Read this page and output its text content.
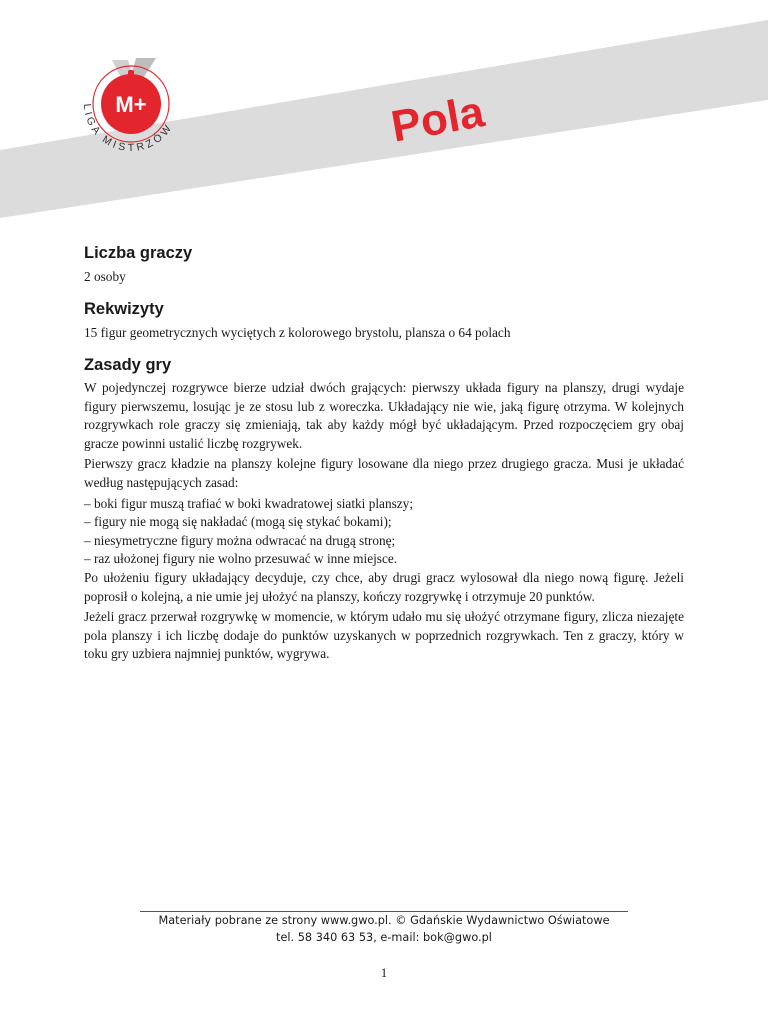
Pola
M+
LIGA MISTRZÓW
Liczba graczy
2 osoby
Rekwizyty
15 figur geometrycznych wyciętych z kolorowego brystolu, plansza o 64 polach
Zasady gry

W pojedynczej rozgrywce bierze udział dwóch grających: pierwszy układa figury na planszy, drugi wydaje figury pierwszemu, losując je ze stosu lub z woreczka. Układający nie wie, jaką figurę otrzyma. W kolejnych rozgrywkach role graczy się zmieniają, tak aby każdy mógł być układającym. Przed rozpoczęciem gry obaj gracze powinni ustalić liczbę rozgrywek.

Pierwszy gracz kładzie na planszy kolejne figury losowane dla niego przez drugiego gracza. Musi je układać według następujących zasad:

– boki figur muszą trafiać w boki kwadratowej siatki planszy;
– figury nie mogą się nakładać (mogą się stykać bokami);
– niesymetryczne figury można odwracać na drugą stronę;
– raz ułożonej figury nie wolno przesuwać w inne miejsce.

Po ułożeniu figury układający decyduje, czy chce, aby drugi gracz wylosował dla niego nową figurę. Jeżeli poprosił o kolejną, a nie umie jej ułożyć na planszy, kończy rozgrywkę i otrzymuje 20 punktów.

Jeżeli gracz przerwał rozgrywkę w momencie, w którym udało mu się ułożyć otrzymane figury, zlicza niezajęte pola planszy i ich liczbę dodaje do punktów uzyskanych w poprzednich rozgrywkach. Ten z graczy, który w toku gry uzbiera najmniej punktów, wygrywa.

Materiały pobrane ze strony www.gwo.pl. © Gdańskie Wydawnictwo Oświatowe
tel. 58 340 63 53, e-mail: bok@gwo.pl
1
